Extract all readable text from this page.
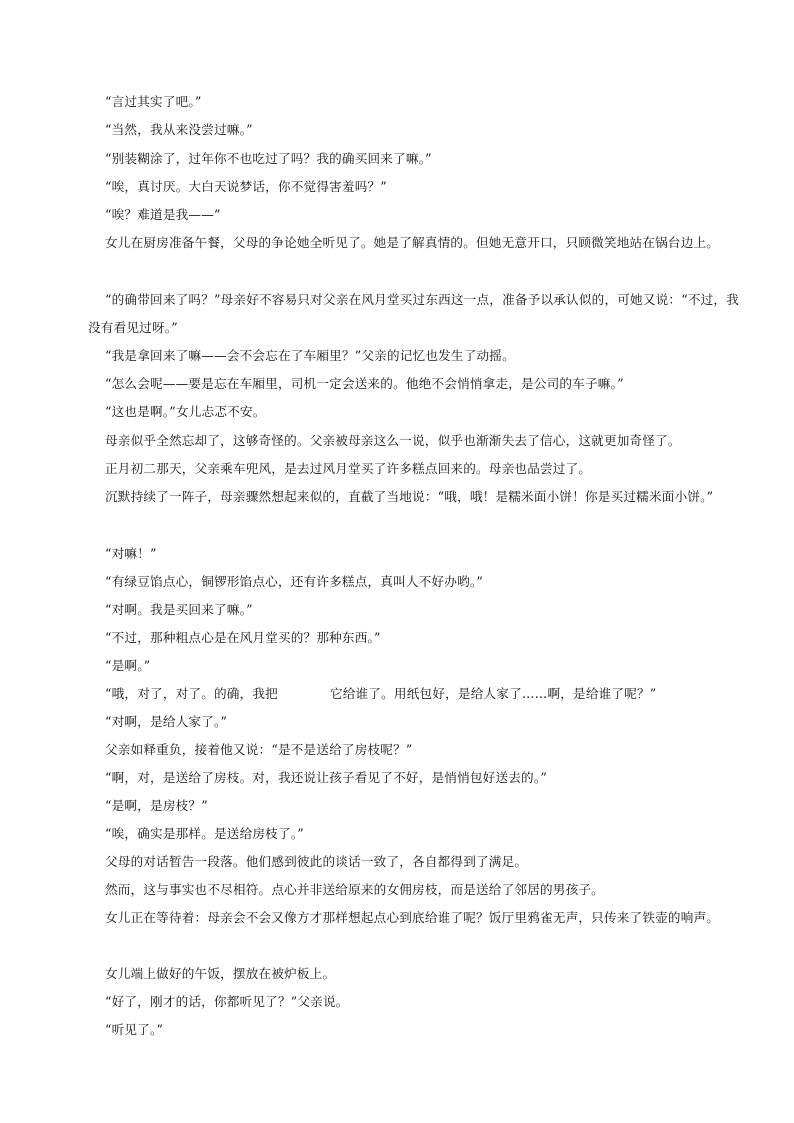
“言过其实了吧。”
“当然，我从来没尝过嘛。”
“别装糊涂了，过年你不也吃过了吗？我的确买回来了嘛。”
“唉，真讨厌。大白天说梦话，你不觉得害羞吗？”
“唉？难道是我——”
女儿在厨房准备午餐，父母的争论她全听见了。她是了解真情的。但她无意开口，只顾微笑地站在锅台边上。
“的确带回来了吗？”母亲好不容易只对父亲在风月堂买过东西这一点，准备予以承认似的，可她又说：“不过，我没有看见过呀。”
“我是拿回来了嘛——会不会忘在了车厢里？”父亲的记忆也发生了动摇。
“怎么会呢——要是忘在车厢里，司机一定会送来的。他绝不会悄悄拿走，是公司的车子嘛。”
“这也是啊。”女儿忐忑不安。
母亲似乎全然忘却了，这够奇怪的。父亲被母亲这么一说，似乎也渐渐失去了信心，这就更加奇怪了。
正月初二那天，父亲乘车兜风，是去过风月堂买了许多糕点回来的。母亲也品尝过了。
沉默持续了一阵子，母亲骤然想起来似的，直截了当地说：“哦，哦！是糯米面小饼！你是买过糯米面小饼。”
“对嘛！”
“有绿豆馅点心，铜锣形馅点心，还有许多糕点，真叫人不好办哟。”
“对啊。我是买回来了嘛。”
“不过，那种粗点心是在风月堂买的？那种东西。”
“是啊。”
“哦，对了，对了。的确，我把	它给谁了。用纸包好，是给人家了……啊，是给谁了呢？”
“对啊，是给人家了。”
父亲如释重负，接着他又说：“是不是送给了房枝呢？”
“啊，对，是送给了房枝。对，我还说让孩子看见了不好，是悄悄包好送去的。”
“是啊，是房枝？”
“唉，确实是那样。是送给房枝了。”
父母的对话暂告一段落。他们感到彼此的谈话一致了，各自都得到了满足。
然而，这与事实也不尽相符。点心并非送给原来的女佣房枝，而是送给了邻居的男孩子。
女儿正在等待着：母亲会不会又像方才那样想起点心到底给谁了呢？饭厅里鸦雀无声，只传来了铁壶的响声。
女儿端上做好的午饭，摆放在被炉板上。
“好了，刚才的话，你都听见了？”父亲说。
“听见了。”
